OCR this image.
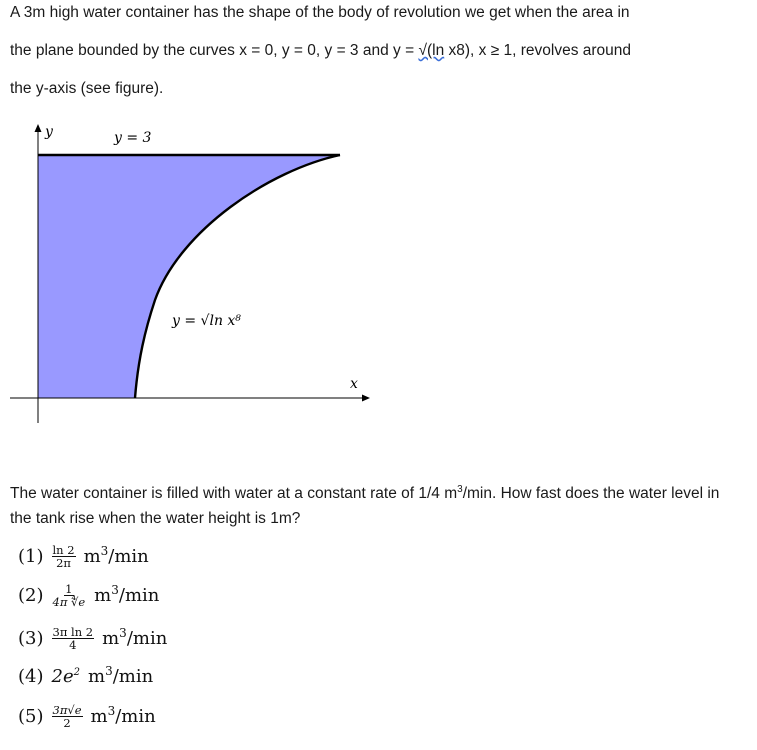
A 3m high water container has the shape of the body of revolution we get when the area in
the plane bounded by the curves x = 0, y = 0, y = 3 and y = √(ln x8), x ≥ 1, revolves around
the y-axis (see figure).
y	y = 3
y = √ln x⁸
x
The water container is filled with water at a constant rate of 1/4 $m^3/\min$. How fast does the water level in the tank rise when the water height is 1m?
$(1) \frac{\ln 2}{2\pi} m^3/\min$
$(2) \frac{1}{4\pi ∜e} m^3/\min$
$(3) \frac{\text{3π ln 2}}{4} m^3/\min$
(4) $2e^2$ $m^3/\min$
$(5) \frac{3\pi√e}{2} m^3/\min$
